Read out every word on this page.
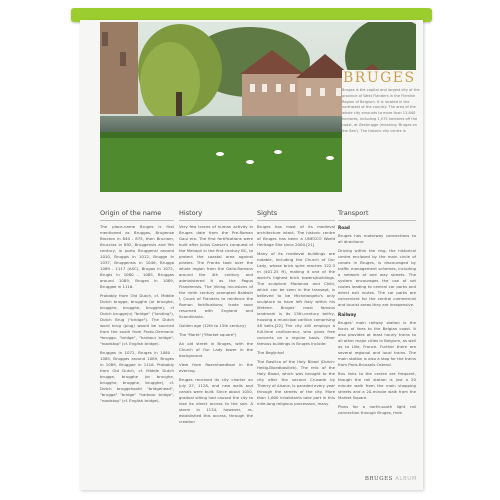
BRUGES

Bruges is the capital and largest city of the province of West Flanders in the Flemish Region of Belgium. It is located in the northwest of the country. The area of the whole city amounts to more than 13,840 hectares, including 1,075 hectares off the coast, at Zeebrugge (meaning 'Bruges on the Sea'). The historic city centre is

Origin of the name

The place-name Bruges is first mentioned as Bruggas, Brugense Brocton in 840 - 875, then Bruciam, Bruccias in 892, Bruggensis and 9th century, in portu Bruggensi around 1010, Bruggis in 1012, Brugge in 1037, Bruggensis in 1046, Brugga 1089 - 1117 (ASC), Brugas in 1072, Brugis in 1080 - 1085, Bruggas around 1089, Bruges in 1089, Bruggae in 1116.

Probably from Old Dutch, cf. Middle Dutch brugge, brugghe (or brucghe, brugghe, brugghe, brugghe), cf Dutch brugge(n) "bridge" ("landing"), Dutch Brug ("bridge"). The Dutch word brug (plug) would be sourced from the south from Proto-Germanic *bruggo- "bridge", "harbour bridge", "roadstop" (cf. English bridge).

Bruggas in 1072, Bruges in 1080 - 1085, Bruggas around 1089, Bruges in 1089, Bruggae in 1116. Probably from Old Dutch, cf. Middle Dutch brugge, brugghe (or brucghe, brugghe, brugghe, brugghe), cf. Dutch bruggehoofd "bridgehead", "brugge" "bridge" "harbour bridge", "roadstop" (cf. English bridge).

History

Very few traces of human activity in Bruges date from the Pre-Roman Gaul era. The first fortifications were built after Julius Caesar's conquest of the Menapii in the first century BC, to protect the coastal area against pirates. The Franks took over the whole region from the Gallo-Romans around the 4th century and administered it as the Pagus Flandrensis. The Viking incursions of the ninth century prompted Baldwin I, Count of Flanders to reinforce the Roman fortifications; trade soon resumed with England and Scandinavia.

Golden age (12th to 15th century)

The 'Markt' ("Market square")

An old street in Bruges, with the Church of Our Lady tower in the background.

View from Rozenhoedkaai in the evening.

Bruges received its city charter on July 27, 1128, and new walls and canals were built. Since about 1050, gradual silting had caused the city to lose its direct access to the sea. A storm in 1134, however, re-established this access, through the creation

Sights

Bruges has most of its medieval architecture intact. The historic centre of Bruges has been a UNESCO World Heritage Site since 2000.[21]

Many of its medieval buildings are notable, including the Church of Our Lady, whose brick spire reaches 122.3 m (401.25 ft), making it one of the world's highest brick towers/buildings. The sculpture Madonna and Child, which can be seen in the transept, is believed to be Michelangelo's only sculpture to have left Italy within his lifetime. Bruges' most famous landmark is its 13th-century belfry, housing a municipal carillon comprising 48 bells.[22] The city still employs a full-time carillonneur, who gives free concerts on a regular basis. Other famous buildings in Bruges include:

The Begijnhof

The Basilica of the Holy Blood (Dutch: Heilig-Bloedbasiliek). The relic of the Holy Blood, which was brought to the city after the second Crusade by Thierry of Alsace, is paraded every year through the streets of the city. More than 1,600 inhabitants take part in this mile-long religious procession, many

Transport
Road

Bruges has motorway connections to all directions:

Driving within the ring, the historical centre enclosed by the main circle of canals in Bruges, is discouraged by traffic management schemes, including a network of one way streets. The system encourages the use of set routes leading to central car parks and direct exit routes. The car parks are convenient for the central commercial and tourist areas they are inexpensive.

Railway

Bruges' main railway station is the focus of lines to the Belgian coast. It also provides at least hourly trains to all other major cities in Belgium, as well as to Lille, France. Further there are several regional and local trains. The main station is also a stop for the trains from Paris-Brussels-Ostend.

Bus links to the centre are frequent, though the rail station is just a 20 minute walk from the main shopping streets and a 20-minute walk from the Market Square.

Plans for a north-south light rail connection through Bruges, from

BRUGES ALBUM
